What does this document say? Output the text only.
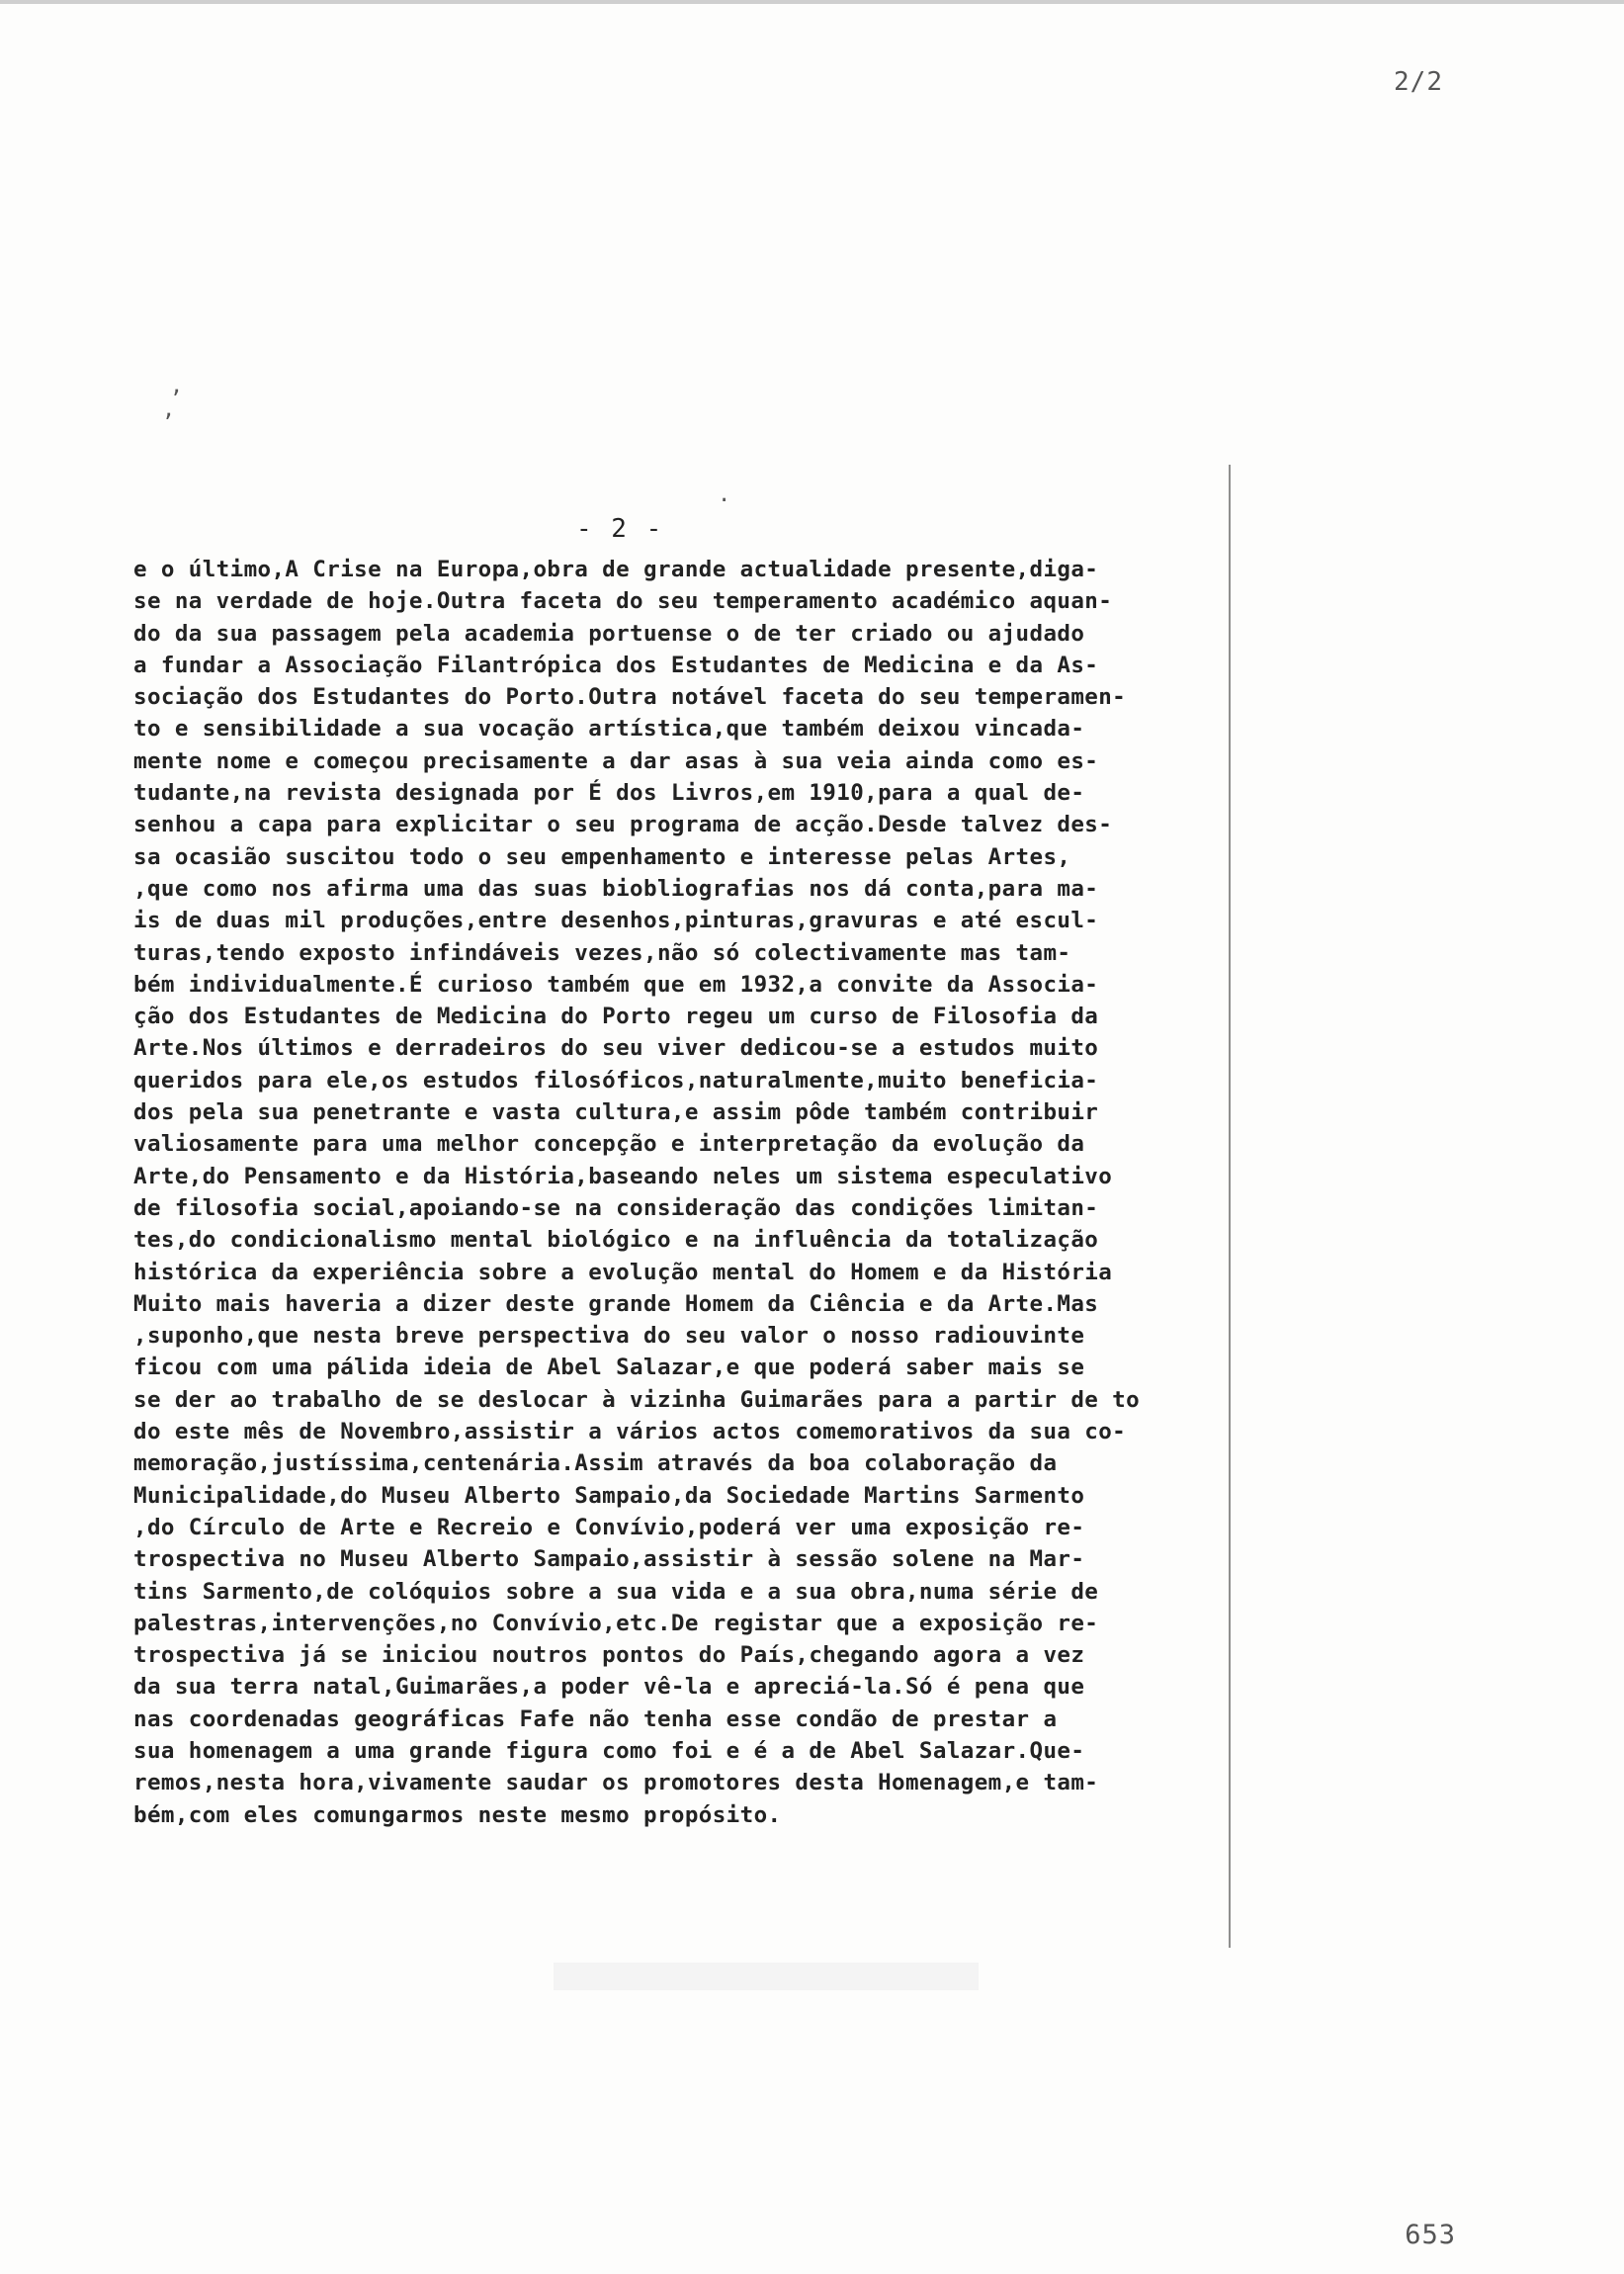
2/2
,
,
.
- 2 -
e o último,A Crise na Europa,obra de grande actualidade presente,diga-
se na verdade de hoje.Outra faceta do seu temperamento académico aquan-
do da sua passagem pela academia portuense o de ter criado ou ajudado
a fundar a Associação Filantrópica dos Estudantes de Medicina e da As-
sociação dos Estudantes do Porto.Outra notável faceta do seu temperamen-
to e sensibilidade a sua vocação artística,que também deixou vincada-
mente nome e começou precisamente a dar asas à sua veia ainda como es-
tudante,na revista designada por É dos Livros,em 1910,para a qual de-
senhou a capa para explicitar o seu programa de acção.Desde talvez des-
sa ocasião suscitou todo o seu empenhamento e interesse pelas Artes,
,que como nos afirma uma das suas biobliografias nos dá conta,para ma-
is de duas mil produções,entre desenhos,pinturas,gravuras e até escul-
turas,tendo exposto infindáveis vezes,não só colectivamente mas tam-
bém individualmente.É curioso também que em 1932,a convite da Associa-
ção dos Estudantes de Medicina do Porto regeu um curso de Filosofia da
Arte.Nos últimos e derradeiros do seu viver dedicou-se a estudos muito
queridos para ele,os estudos filosóficos,naturalmente,muito beneficia-
dos pela sua penetrante e vasta cultura,e assim pôde também contribuir
valiosamente para uma melhor concepção e interpretação da evolução da
Arte,do Pensamento e da História,baseando neles um sistema especulativo
de filosofia social,apoiando-se na consideração das condições limitan-
tes,do condicionalismo mental biológico e na influência da totalização
histórica da experiência sobre a evolução mental do Homem e da História
Muito mais haveria a dizer deste grande Homem da Ciência e da Arte.Mas
,suponho,que nesta breve perspectiva do seu valor o nosso radiouvinte
ficou com uma pálida ideia de Abel Salazar,e que poderá saber mais se
se der ao trabalho de se deslocar à vizinha Guimarães para a partir de to
do este mês de Novembro,assistir a vários actos comemorativos da sua co-
memoração,justíssima,centenária.Assim através da boa colaboração da
Municipalidade,do Museu Alberto Sampaio,da Sociedade Martins Sarmento
,do Círculo de Arte e Recreio e Convívio,poderá ver uma exposição re-
trospectiva no Museu Alberto Sampaio,assistir à sessão solene na Mar-
tins Sarmento,de colóquios sobre a sua vida e a sua obra,numa série de
palestras,intervenções,no Convívio,etc.De registar que a exposição re-
trospectiva já se iniciou noutros pontos do País,chegando agora a vez
da sua terra natal,Guimarães,a poder vê-la e apreciá-la.Só é pena que
nas coordenadas geográficas Fafe não tenha esse condão de prestar a
sua homenagem a uma grande figura como foi e é a de Abel Salazar.Que-
remos,nesta hora,vivamente saudar os promotores desta Homenagem,e tam-
bém,com eles comungarmos neste mesmo propósito.
653
